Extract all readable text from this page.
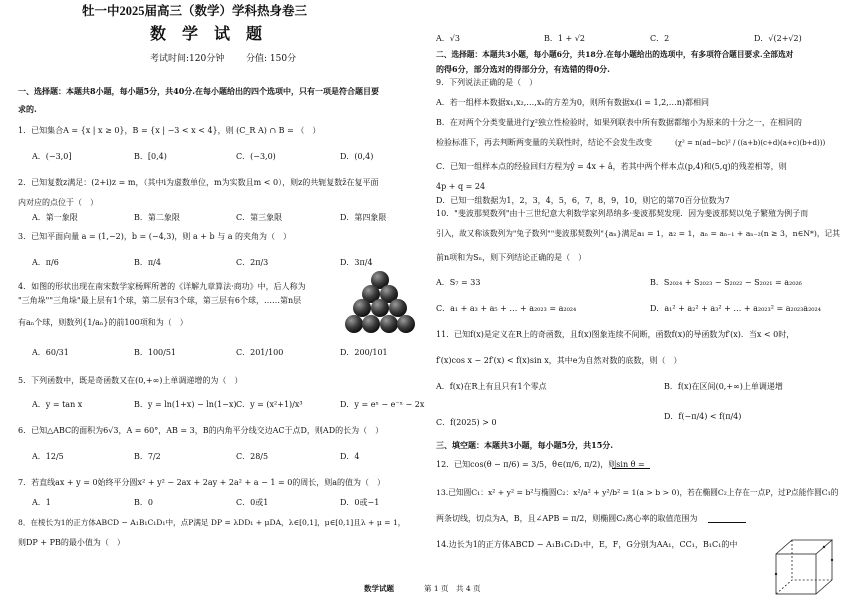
牡一中2025届高三（数学）学科热身卷三
数 学 试 题
考试时间:120分钟 分值: 150分
一、选择题：本题共8小题，每小题5分，共40分.在每小题给出的四个选项中，只有一项是符合题目要
求的.
1．已知集合A = {x | x ≥ 0}，B = {x | −3 < x < 4}，则 (C_R A) ∩ B = （　）
A．(−3,0]	B．[0,4)	C．(−3,0)	D．(0,4)
2．已知复数z满足：(2+i)z = m，（其中i为虚数单位，m为实数且m < 0），则z的共轭复数z̄在复平面
内对应的点位于（　）
A．第一象限	B．第二象限	C．第三象限	D．第四象限
3．已知平面向量 a = (1,−2)，b = (−4,3)，则 a + b 与 a 的夹角为（　）
A．π/6	B．π/4	C．2π/3	D．3π/4
4．如图的形状出现在南宋数学家杨辉所著的《详解九章算法·商功》中，后人称为
"三角垛""三角垛"最上层有1个球，第二层有3个球，第三层有6个球，……第n层
有aₙ个球，则数列{1/aₙ}的前100项和为（　）
A．60/31	B．100/51	C．201/100	D．200/101
5．下列函数中，既是奇函数又在(0,+∞)上单调递增的为（　）
A．y = tan x	B．y = ln(1+x) − ln(1−x) C．y = (x²+1)/x³	D．y = eˣ − e⁻ˣ − 2x
6．已知△ABC的面积为6√3，A = 60°，AB = 3，B的内角平分线交边AC于点D，则AD的长为（　）
A．12/5	B．7/2	C．28/5	D．4
7．若直线ax + y = 0始终平分圆x² + y² − 2ax + 2ay + 2a² + a − 1 = 0的周长，则a的值为（　）
A．1	B．0	C．0或1	D．0或−1
8．在棱长为1的正方体ABCD − A₁B₁C₁D₁中，点P满足 DP = λDD₁ + μDA，λ∈[0,1]，μ∈[0,1]且λ + μ = 1，
则DP + PB的最小值为（　）
A．√3	B．1 + √2	C．2	D．√(2+√2)
二、选择题：本题共3小题，每小题6分，共18分.在每小题给出的选项中，有多项符合题目要求.全部选对
的得6分，部分选对的得部分分，有选错的得0分.
9．下列说法正确的是（　）
A．若一组样本数据x₁,x₂,…,xₙ的方差为0，则所有数据xᵢ(i = 1,2,…n)都相同
B．在对两个分类变量进行χ²独立性检验时，如果列联表中所有数据都缩小为原来的十分之一，在相同的
检验标准下，再去判断两变量的关联性时，结论不会发生改变	(χ² = n(ad−bc)² / ((a+b)(c+d)(a+c)(b+d)))
C．已知一组样本点的经验回归方程为ŷ = 4x + â，若其中两个样本点(p,4)和(5,q)的残差相等，则
4p + q = 24
D．已知一组数据为1，2，3，4，5，6，7，8，9，10，则它的第70百分位数为7
10．"斐波那契数列"由十三世纪意大利数学家列昂纳多·斐波那契发现．因为斐波那契以兔子繁殖为例子而
引入，故又称该数列为"兔子数列""斐波那契数列"{aₙ}满足a₁ = 1，a₂ = 1，aₙ = aₙ₋₁ + aₙ₋₂(n ≥ 3，n∈N*)，记其
前n项和为Sₙ，则下列结论正确的是（　）
A．S₇ = 33	B．S₂₀₂₄ + S₂₀₂₃ − S₂₀₂₂ − S₂₀₂₁ = a₂₀₂₆
C．a₁ + a₃ + a₅ + … + a₂₀₂₃ = a₂₀₂₄	D．a₁² + a₂² + a₃² + … + a₂₀₂₃² = a₂₀₂₃a₂₀₂₄
11．已知f(x)是定义在R上的奇函数，且f(x)图象连续不间断，函数f(x)的导函数为f′(x)．当x < 0时，
f′(x)cos x − 2f′(x) < f(x)sin x，其中e为自然对数的底数，则（　）
A．f(x)在R上有且只有1个零点	B．f(x)在区间(0,+∞)上单调递增
C．f(2025) > 0
D．f(−π/4) < f(π/4)
三、填空题：本题共3小题，每小题5分，共15分.
12．已知cos(θ − π/6) = 3/5，θ∈(π/6, π/2)，则sin θ =
13.已知圆C₁：x² + y² = b²与椭圆C₂：x²/a² + y²/b² = 1(a > b > 0)，若在椭圆C₂上存在一点P，过P点能作圆C₁的
两条切线，切点为A，B，且∠APB = π/2，则椭圆C₂离心率的取值范围为
14.边长为1的正方体ABCD − A₁B₁C₁D₁中，E，F，G分别为AA₁，CC₁，B₁C₁的中
数学试题	第 1 页　共 4 页
